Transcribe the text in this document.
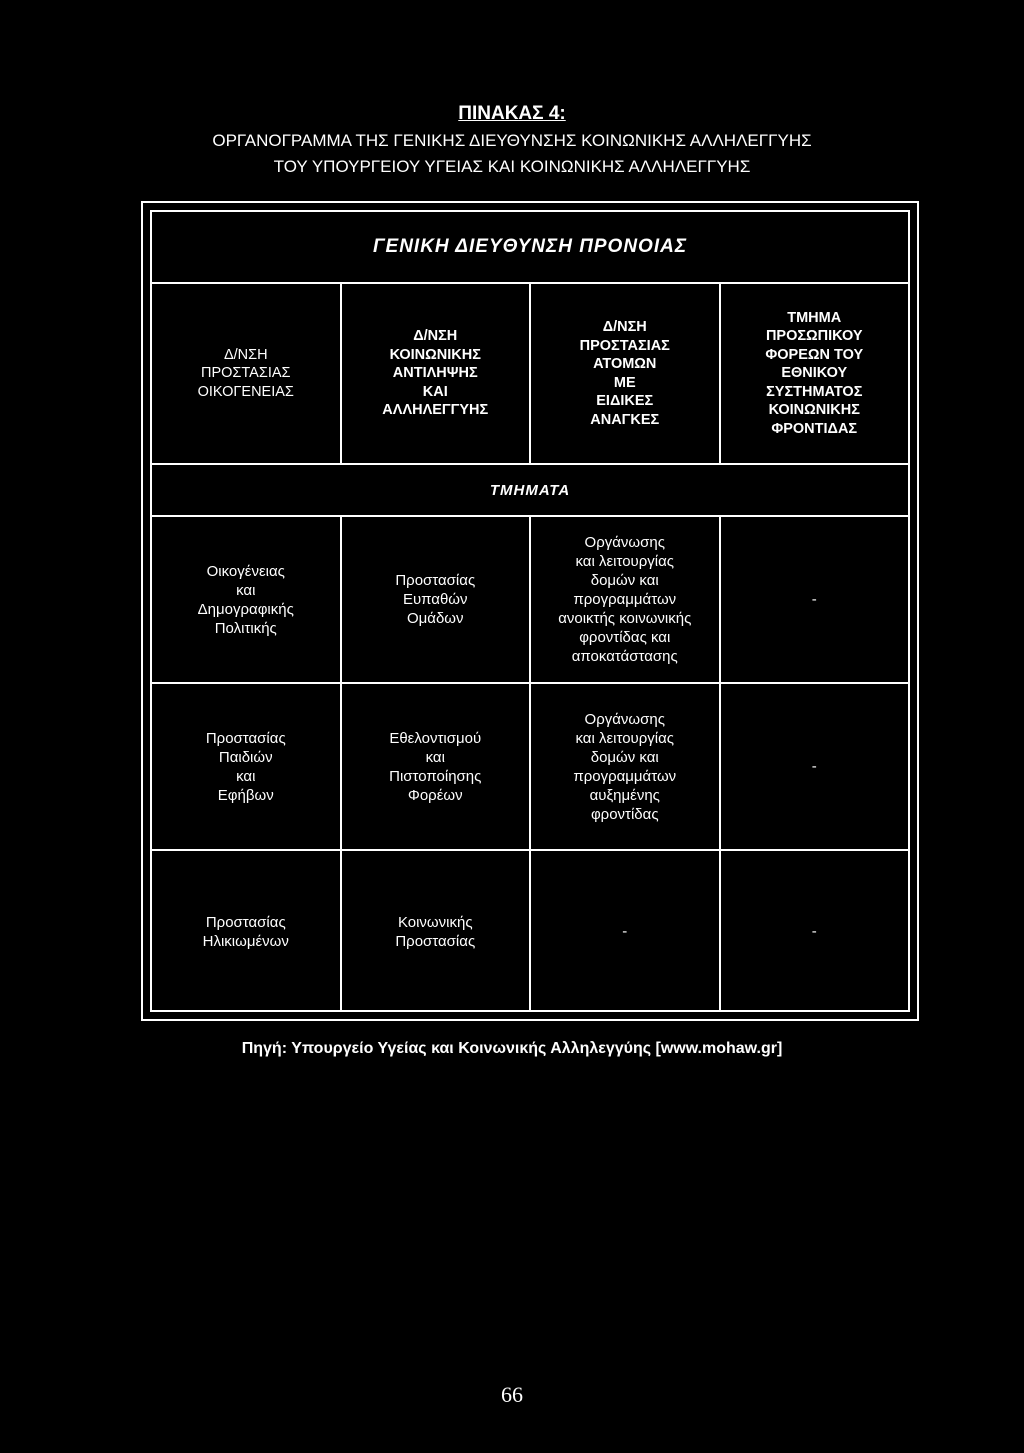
ΠΙΝΑΚΑΣ 4:
ΟΡΓΑΝΟΓΡΑΜΜΑ ΤΗΣ ΓΕΝΙΚΗΣ ΔΙΕΥΘΥΝΣΗΣ ΚΟΙΝΩΝΙΚΗΣ ΑΛΛΗΛΕΓΓΥΗΣ
ΤΟΥ ΥΠΟΥΡΓΕΙΟΥ ΥΓΕΙΑΣ ΚΑΙ ΚΟΙΝΩΝΙΚΗΣ ΑΛΛΗΛΕΓΓΥΗΣ
ΓΕΝΙΚΗ ΔΙΕΥΘΥΝΣΗ ΠΡΟΝΟΙΑΣ
Δ/ΝΣΗ
ΠΡΟΣΤΑΣΙΑΣ
ΟΙΚΟΓΕΝΕΙΑΣ
Δ/ΝΣΗ
ΚΟΙΝΩΝΙΚΗΣ
ΑΝΤΙΛΗΨΗΣ
ΚΑΙ
ΑΛΛΗΛΕΓΓΥΗΣ
Δ/ΝΣΗ
ΠΡΟΣΤΑΣΙΑΣ
ΑΤΟΜΩΝ
ΜΕ
ΕΙΔΙΚΕΣ
ΑΝΑΓΚΕΣ
ΤΜΗΜΑ
ΠΡΟΣΩΠΙΚΟΥ
ΦΟΡΕΩΝ ΤΟΥ
ΕΘΝΙΚΟΥ
ΣΥΣΤΗΜΑΤΟΣ
ΚΟΙΝΩΝΙΚΗΣ
ΦΡΟΝΤΙΔΑΣ
ΤΜΗΜΑΤΑ
Οικογένειας
και
Δημογραφικής
Πολιτικής
Προστασίας
Ευπαθών
Ομάδων
Οργάνωσης
και λειτουργίας
δομών και
προγραμμάτων
ανοικτής κοινωνικής
φροντίδας και
αποκατάστασης
-
Προστασίας
Παιδιών
και
Εφήβων
Εθελοντισμού
και
Πιστοποίησης
Φορέων
Οργάνωσης
και λειτουργίας
δομών και
προγραμμάτων
αυξημένης
φροντίδας
-
Προστασίας
Ηλικιωμένων
Κοινωνικής
Προστασίας
-	-
Πηγή: Υπουργείο Υγείας και Κοινωνικής Αλληλεγγύης [www.mohaw.gr]
66
